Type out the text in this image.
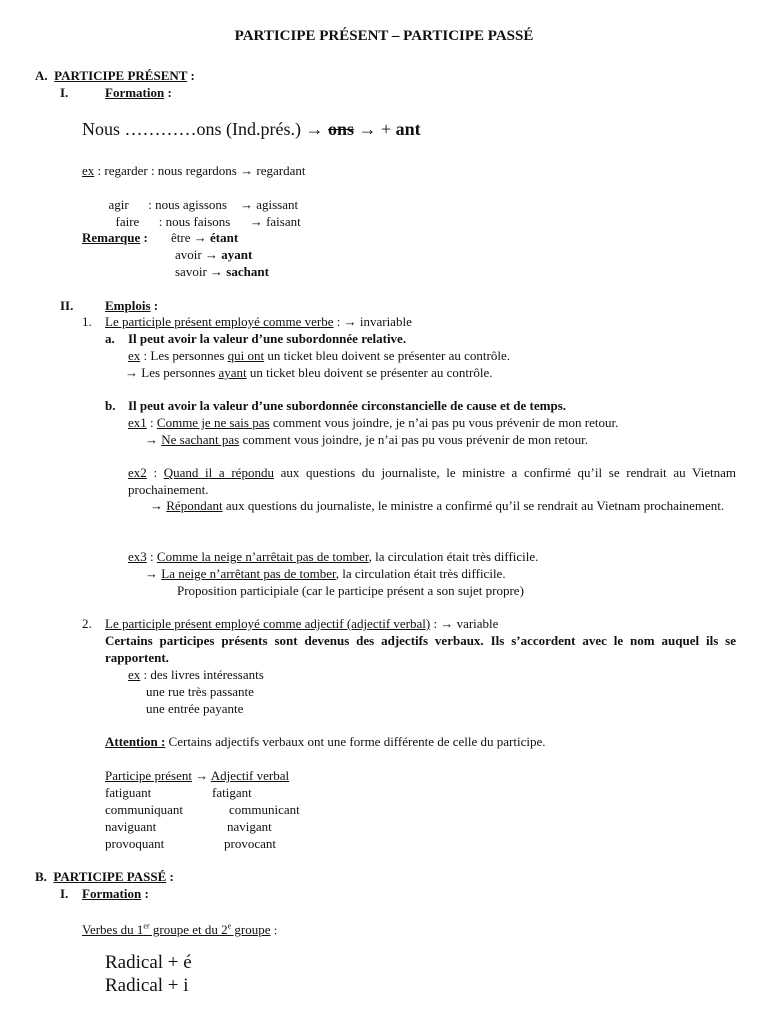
PARTICIPE PRÉSENT – PARTICIPE PASSÉ
A. PARTICIPE PRÉSENT :
I.	Formation :
Nous …………ons (Ind.prés.) → ons → + ant
ex : regarder : nous regardons → regardant

agir      : nous agissons    → agissant

faire      : nous faisons      → faisant

Remarque : être → étant
avoir → ayant
savoir → sachant
II. Emplois :
1. Le participle présent employé comme verbe : → invariable
a. Il peut avoir la valeur d’une subordonnée relative.
ex : Les personnes qui ont un ticket bleu doivent se présenter au contrôle.
→ Les personnes ayant un ticket bleu doivent se présenter au contrôle.
b. Il peut avoir la valeur d’une subordonnée circonstancielle de cause et de temps.
ex1 : Comme je ne sais pas comment vous joindre, je n’ai pas pu vous prévenir de mon retour.
→ Ne sachant pas comment vous joindre, je n’ai pas pu vous prévenir de mon retour.
ex2 : Quand il a répondu aux questions du journaliste, le ministre a confirmé qu’il se rendrait au Vietnam prochainement.
→ Répondant aux questions du journaliste, le ministre a confirmé qu’il se rendrait au Vietnam prochainement.
ex3 : Comme la neige n’arrêtait pas de tomber, la circulation était très difficile.
→ La neige n’arrêtant pas de tomber, la circulation était très difficile.
Proposition participiale (car le participe présent a son sujet propre)
2. Le participle présent employé comme adjectif (adjectif verbal) : → variable
Certains participes présents sont devenus des adjectifs verbaux. Ils s’accordent avec le nom auquel ils se rapportent.
ex : des livres intéressants
une rue très passante
une entrée payante
Attention : Certains adjectifs verbaux ont une forme différente de celle du participe.
Participe présent → Adjectif verbal
fatiguant	fatigant
communiquant	communicant
naviguant	navigant
provoquant	provocant
B. PARTICIPE PASSÉ :
I. Formation :
Verbes du 1er groupe et du 2e groupe :
Radical + é
Radical + i
